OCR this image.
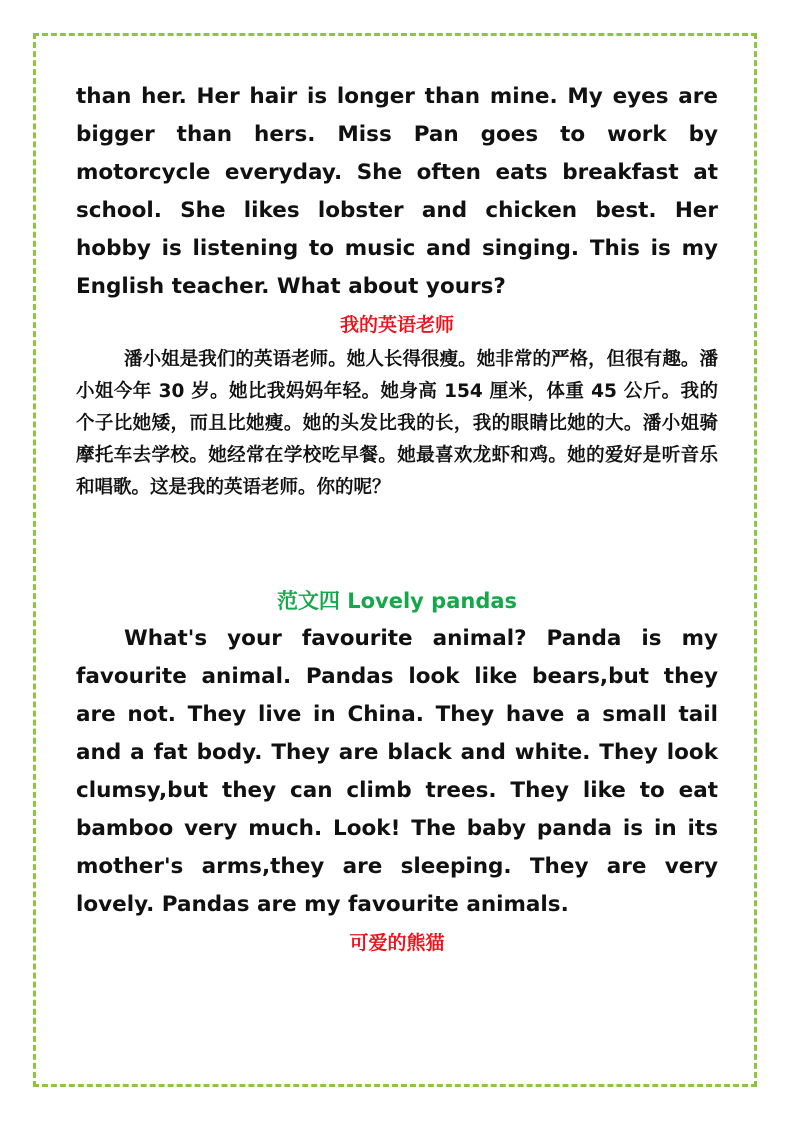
than her. Her hair is longer than mine. My eyes are bigger than hers. Miss Pan goes to work by motorcycle everyday. She often eats breakfast at school. She likes lobster and chicken best. Her hobby is listening to music and singing. This is my English teacher. What about yours?

我的英语老师

潘小姐是我们的英语老师。她人长得很瘦。她非常的严格，但很有趣。潘小姐今年 30 岁。她比我妈妈年轻。她身高 154 厘米，体重 45 公斤。我的个子比她矮，而且比她瘦。她的头发比我的长，我的眼睛比她的大。潘小姐骑摩托车去学校。她经常在学校吃早餐。她最喜欢龙虾和鸡。她的爱好是听音乐和唱歌。这是我的英语老师。你的呢？

范文四 Lovely pandas

What's your favourite animal? Panda is my favourite animal. Pandas look like bears,but they are not. They live in China. They have a small tail and a fat body. They are black and white. They look clumsy,but they can climb trees. They like to eat bamboo very much. Look! The baby panda is in its mother's arms,they are sleeping. They are very lovely. Pandas are my favourite animals.

可爱的熊猫
